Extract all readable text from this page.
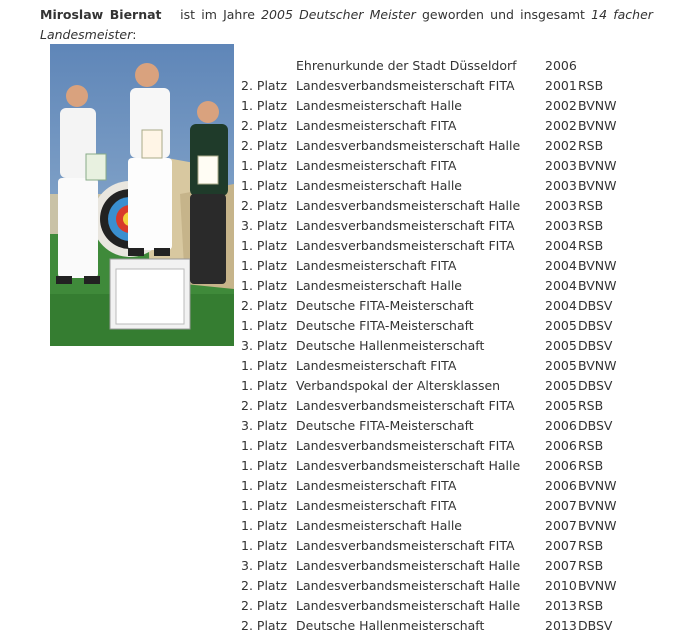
Miroslaw Biernat ist im Jahre 2005 Deutscher Meister geworden und insgesamt 14 facher Landesmeister:
	Ehrenurkunde der Stadt Düsseldorf	2006	
2. Platz	Landesverbandsmeisterschaft FITA	2001	RSB
1. Platz	Landesmeisterschaft Halle	2002	BVNW
2. Platz	Landesmeisterschaft FITA	2002	BVNW
2. Platz	Landesverbandsmeisterschaft Halle	2002	RSB
1. Platz	Landesmeisterschaft FITA	2003	BVNW
1. Platz	Landesmeisterschaft Halle	2003	BVNW
2. Platz	Landesverbandsmeisterschaft Halle	2003	RSB
3. Platz	Landesverbandsmeisterschaft FITA	2003	RSB
1. Platz	Landesverbandsmeisterschaft FITA	2004	RSB
1. Platz	Landesmeisterschaft FITA	2004	BVNW
1. Platz	Landesmeisterschaft Halle	2004	BVNW
2. Platz	Deutsche FITA-Meisterschaft	2004	DBSV
1. Platz	Deutsche FITA-Meisterschaft	2005	DBSV
3. Platz	Deutsche Hallenmeisterschaft	2005	DBSV
1. Platz	Landesmeisterschaft FITA	2005	BVNW
1. Platz	Verbandspokal der Altersklassen	2005	DBSV
2. Platz	Landesverbandsmeisterschaft FITA	2005	RSB
3. Platz	Deutsche FITA-Meisterschaft	2006	DBSV
1. Platz	Landesverbandsmeisterschaft FITA	2006	RSB
1. Platz	Landesverbandsmeisterschaft Halle	2006	RSB
1. Platz	Landesmeisterschaft FITA	2006	BVNW
1. Platz	Landesmeisterschaft FITA	2007	BVNW
1. Platz	Landesmeisterschaft Halle	2007	BVNW
1. Platz	Landesverbandsmeisterschaft FITA	2007	RSB
3. Platz	Landesverbandsmeisterschaft Halle	2007	RSB
2. Platz	Landesverbandsmeisterschaft Halle	2010	BVNW
2. Platz	Landesverbandsmeisterschaft Halle	2013	RSB
2. Platz	Deutsche Hallenmeisterschaft	2013	DBSV
